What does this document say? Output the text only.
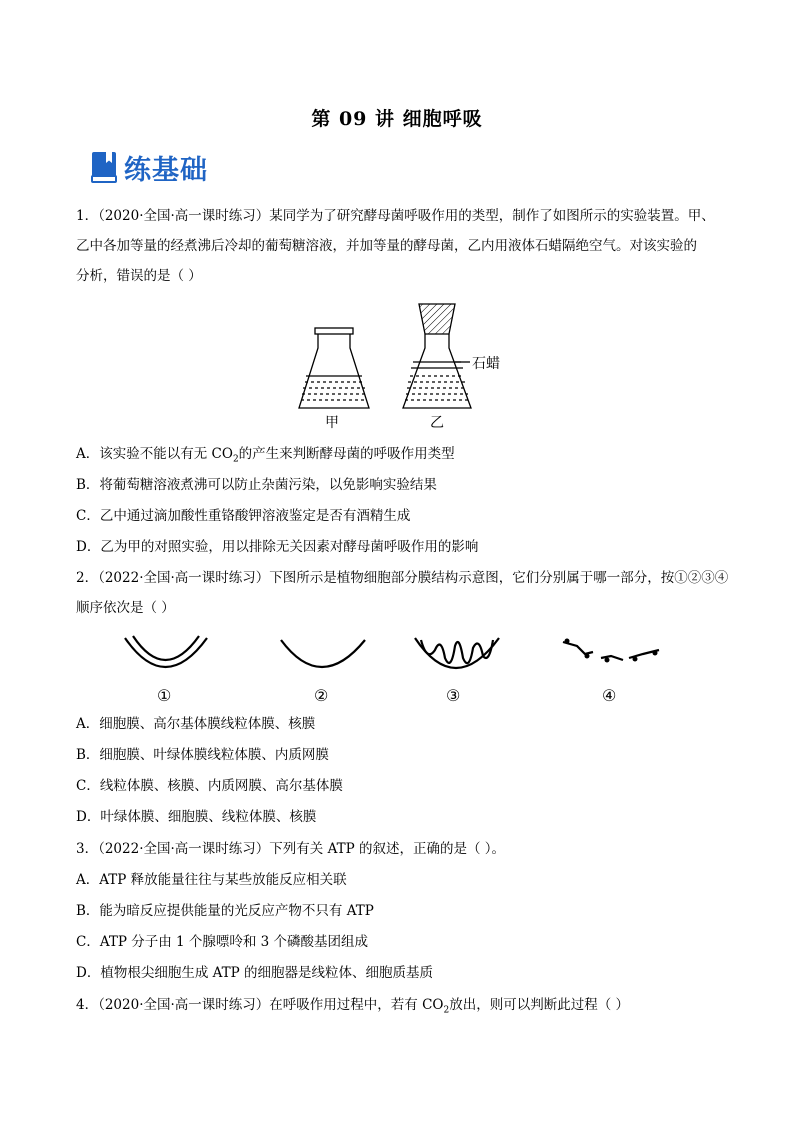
第 09 讲 细胞呼吸
练基础
1．（2020·全国·高一课时练习）某同学为了研究酵母菌呼吸作用的类型，制作了如图所示的实验装置。甲、
乙中各加等量的经煮沸后冷却的葡萄糖溶液，并加等量的酵母菌，乙内用液体石蜡隔绝空气。对该实验的
分析，错误的是（ ）
石蜡
甲	乙
A．该实验不能以有无 $CO_2$的产生来判断酵母菌的呼吸作用类型
B．将葡萄糖溶液煮沸可以防止杂菌污染，以免影响实验结果
C．乙中通过滴加酸性重铬酸钾溶液鉴定是否有酒精生成
D．乙为甲的对照实验，用以排除无关因素对酵母菌呼吸作用的影响
2．（2022·全国·高一课时练习）下图所示是植物细胞部分膜结构示意图，它们分别属于哪一部分，按①②③④
顺序依次是（ ）
①	②	③	④
A．细胞膜、高尔基体膜线粒体膜、核膜
B．细胞膜、叶绿体膜线粒体膜、内质网膜
C．线粒体膜、核膜、内质网膜、高尔基体膜
D．叶绿体膜、细胞膜、线粒体膜、核膜
3．（2022·全国·高一课时练习）下列有关 ATP 的叙述，正确的是（ ）。
A．ATP 释放能量往往与某些放能反应相关联
B．能为暗反应提供能量的光反应产物不只有 ATP
C．ATP 分子由 1 个腺嘌呤和 3 个磷酸基团组成
D．植物根尖细胞生成 ATP 的细胞器是线粒体、细胞质基质
4．（2020·全国·高一课时练习）在呼吸作用过程中，若有 $CO_2$放出，则可以判断此过程（ ）
